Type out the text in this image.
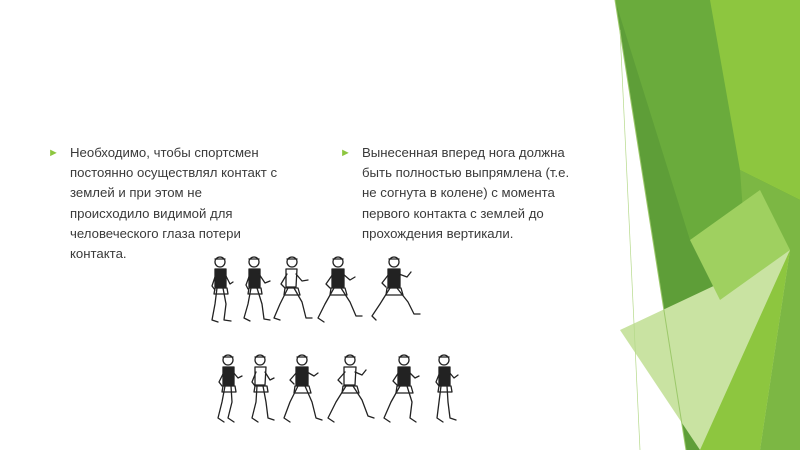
► Необходимо, чтобы спортсмен
постоянно осуществлял контакт с
землей и при этом не
происходило видимой для
человеческого глаза потери
контакта.
► Вынесенная вперед нога должна
быть полностью выпрямлена (т.е.
не согнута в колене) с момента
первого контакта с землей до
прохождения вертикали.
